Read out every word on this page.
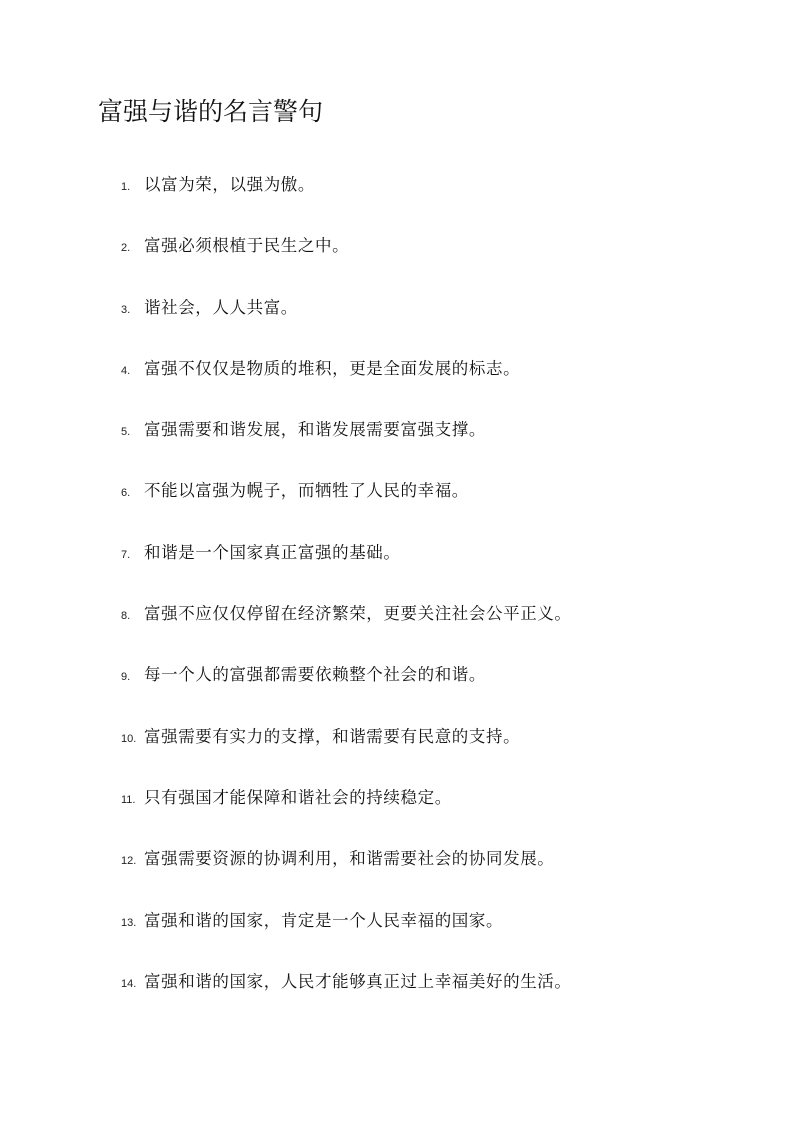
富强与谐的名言警句
1. 以富为荣，以强为傲。
2. 富强必须根植于民生之中。
3. 谐社会，人人共富。
4. 富强不仅仅是物质的堆积，更是全面发展的标志。
5. 富强需要和谐发展，和谐发展需要富强支撑。
6. 不能以富强为幌子，而牺牲了人民的幸福。
7. 和谐是一个国家真正富强的基础。
8. 富强不应仅仅停留在经济繁荣，更要关注社会公平正义。
9. 每一个人的富强都需要依赖整个社会的和谐。
10. 富强需要有实力的支撑，和谐需要有民意的支持。
11. 只有强国才能保障和谐社会的持续稳定。
12. 富强需要资源的协调利用，和谐需要社会的协同发展。
13. 富强和谐的国家，肯定是一个人民幸福的国家。
14. 富强和谐的国家，人民才能够真正过上幸福美好的生活。
